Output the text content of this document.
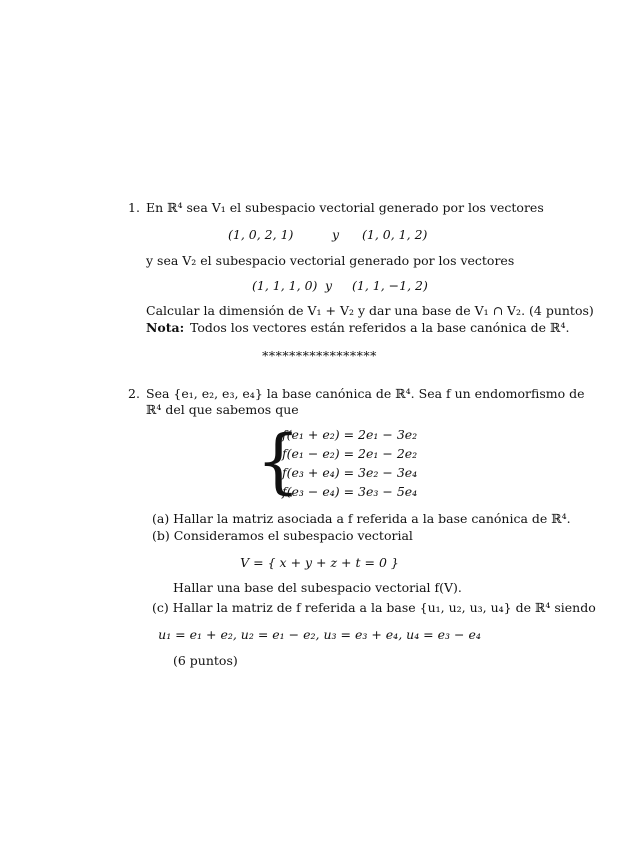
1. En ℝ⁴ sea V₁ el subespacio vectorial generado por los vectores
(1, 0, 2, 1)	y (1, 0, 1, 2)
y sea V₂ el subespacio vectorial generado por los vectores
(1, 1, 1, 0) y (1, 1, −1, 2)
Calcular la dimensión de V₁ + V₂ y dar una base de V₁ ∩ V₂. (4 puntos)
Nota: Todos los vectores están referidos a la base canónica de ℝ⁴.
*****************
2. Sea {e₁, e₂, e₃, e₄} la base canónica de ℝ⁴. Sea f un endomorfismo de
ℝ⁴ del que sabemos que
{
f(e₁ + e₂) = 2e₁ − 3e₂
f(e₁ − e₂) = 2e₁ − 2e₂
f(e₃ + e₄) = 3e₂ − 3e₄
f(e₃ − e₄) = 3e₃ − 5e₄
(a) Hallar la matriz asociada a f referida a la base canónica de ℝ⁴.
(b) Consideramos el subespacio vectorial
V = { x + y + z + t = 0 }
Hallar una base del subespacio vectorial f(V).
(c) Hallar la matriz de f referida a la base {u₁, u₂, u₃, u₄} de ℝ⁴ siendo
u₁ = e₁ + e₂, u₂ = e₁ − e₂, u₃ = e₃ + e₄, u₄ = e₃ − e₄
(6 puntos)
